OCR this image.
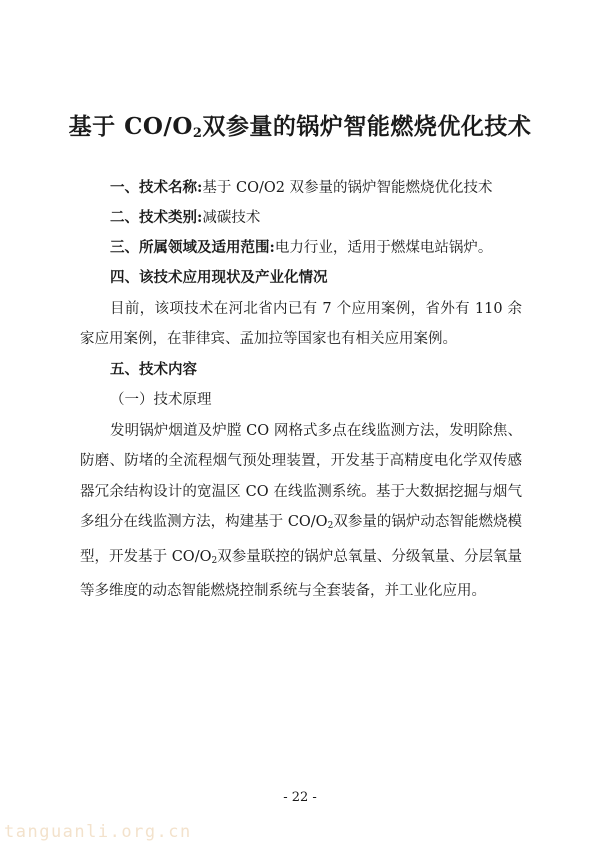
基于 $CO/O_2$双参量的锅炉智能燃烧优化技术
一、技术名称:基于 CO/O2 双参量的锅炉智能燃烧优化技术
二、技术类别:减碳技术
三、所属领域及适用范围:电力行业，适用于燃煤电站锅炉。
四、该技术应用现状及产业化情况
目前，该项技术在河北省内已有 7 个应用案例，省外有 110 余家应用案例，在菲律宾、孟加拉等国家也有相关应用案例。
五、技术内容
（一）技术原理
发明锅炉烟道及炉膛 CO 网格式多点在线监测方法，发明除焦、防磨、防堵的全流程烟气预处理装置，开发基于高精度电化学双传感器冗余结构设计的宽温区 CO 在线监测系统。基于大数据挖掘与烟气多组分在线监测方法，构建基于 $CO/O_2$双参量的锅炉动态智能燃烧模型，开发基于 $CO/O_2$双参量联控的锅炉总氧量、分级氧量、分层氧量等多维度的动态智能燃烧控制系统与全套装备，并工业化应用。
- 22 -
tanguanli.org.cn
